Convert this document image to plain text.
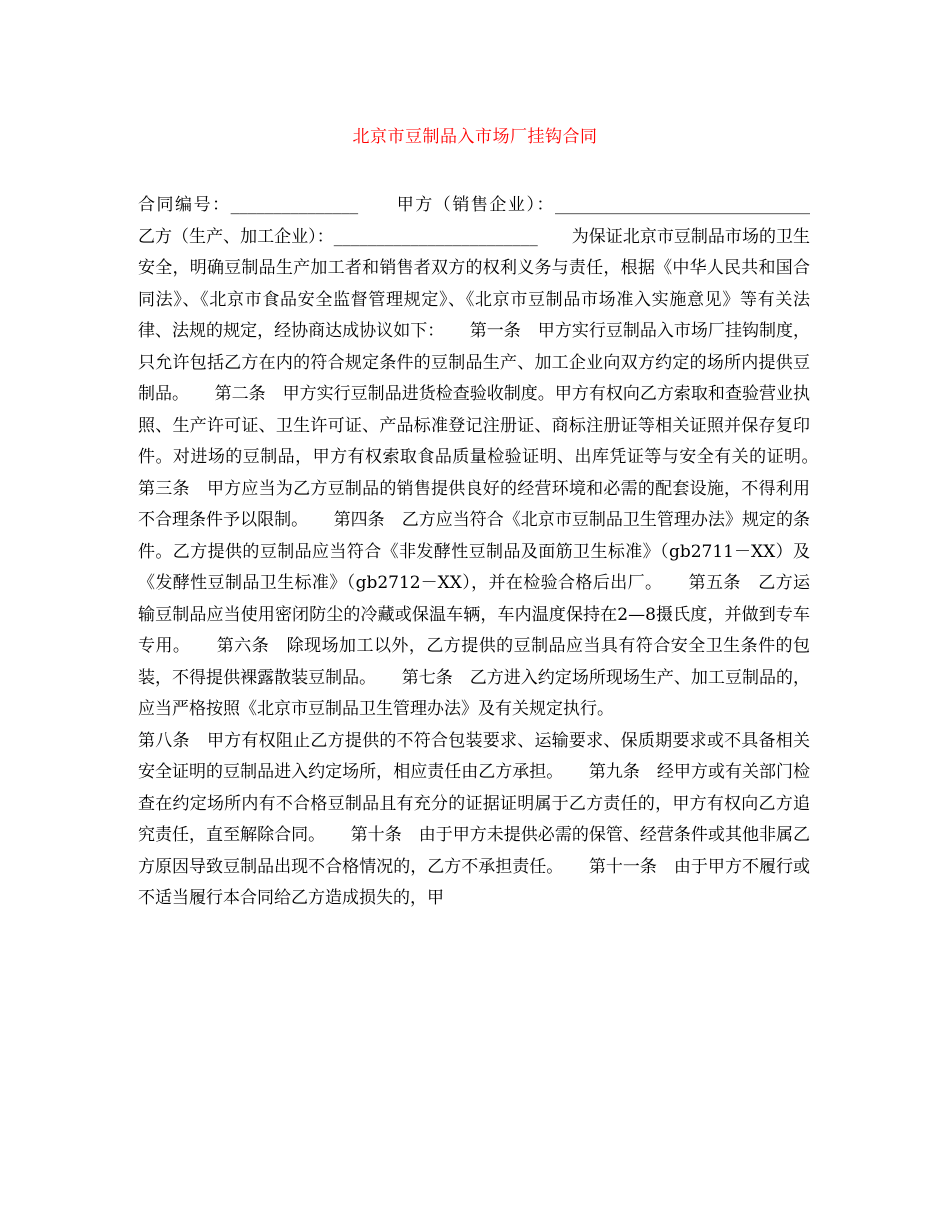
北京市豆制品入市场厂挂钩合同
合同编号：_______________　　甲方（销售企业）：______________________________　　乙方（生产、加工企业）：________________________　　为保证北京市豆制品市场的卫生安全，明确豆制品生产加工者和销售者双方的权利义务与责任，根据《中华人民共和国合同法》、《北京市食品安全监督管理规定》、《北京市豆制品市场准入实施意见》等有关法律、法规的规定，经协商达成协议如下：　　第一条　甲方实行豆制品入市场厂挂钩制度，只允许包括乙方在内的符合规定条件的豆制品生产、加工企业向双方约定的场所内提供豆制品。　　第二条　甲方实行豆制品进货检查验收制度。甲方有权向乙方索取和查验营业执照、生产许可证、卫生许可证、产品标准登记注册证、商标注册证等相关证照并保存复印件。对进场的豆制品，甲方有权索取食品质量检验证明、出库凭证等与安全有关的证明。　　第三条　甲方应当为乙方豆制品的销售提供良好的经营环境和必需的配套设施，不得利用不合理条件予以限制。　　第四条　乙方应当符合《北京市豆制品卫生管理办法》规定的条件。乙方提供的豆制品应当符合《非发酵性豆制品及面筋卫生标准》（gb2711－XX）及《发酵性豆制品卫生标准》（gb2712－XX），并在检验合格后出厂。　　第五条　乙方运输豆制品应当使用密闭防尘的冷藏或保温车辆，车内温度保持在2—8摄氏度，并做到专车专用。　　第六条　除现场加工以外，乙方提供的豆制品应当具有符合安全卫生条件的包装，不得提供裸露散装豆制品。　　第七条　乙方进入约定场所现场生产、加工豆制品的，应当严格按照《北京市豆制品卫生管理办法》及有关规定执行。
第八条　甲方有权阻止乙方提供的不符合包装要求、运输要求、保质期要求或不具备相关安全证明的豆制品进入约定场所，相应责任由乙方承担。　　第九条　经甲方或有关部门检查在约定场所内有不合格豆制品且有充分的证据证明属于乙方责任的，甲方有权向乙方追究责任，直至解除合同。　　第十条　由于甲方未提供必需的保管、经营条件或其他非属乙方原因导致豆制品出现不合格情况的，乙方不承担责任。　　第十一条　由于甲方不履行或不适当履行本合同给乙方造成损失的，甲
